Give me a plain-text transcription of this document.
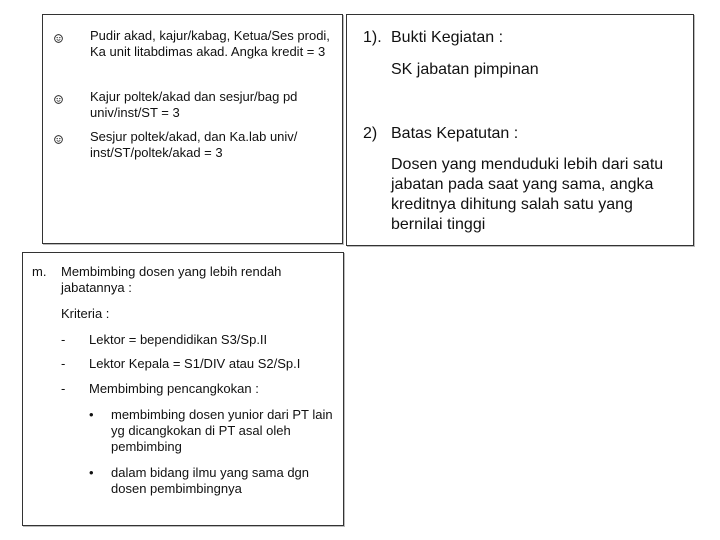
Pudir akad, kajur/kabag, Ketua/Ses prodi, Ka unit litabdimas akad. Angka kredit = 3

Kajur poltek/akad dan sesjur/bag pd univ/inst/ST = 3

Sesjur poltek/akad, dan Ka.lab univ/ inst/ST/poltek/akad = 3

1). Bukti Kegiatan :

SK jabatan pimpinan

2) Batas Kepatutan :

Dosen yang menduduki lebih dari satu jabatan pada saat yang sama, angka kreditnya dihitung salah satu yang bernilai tinggi

m. Membimbing dosen yang lebih rendah jabatannya :

Kriteria :
- Lektor = bependidikan S3/Sp.II
- Lektor Kepala = S1/DIV atau S2/Sp.I
- Membimbing pencangkokan :
• membimbing dosen yunior dari PT lain yg dicangkokan di PT asal oleh pembimbing

• dalam bidang ilmu yang sama dgn dosen pembimbingnya
